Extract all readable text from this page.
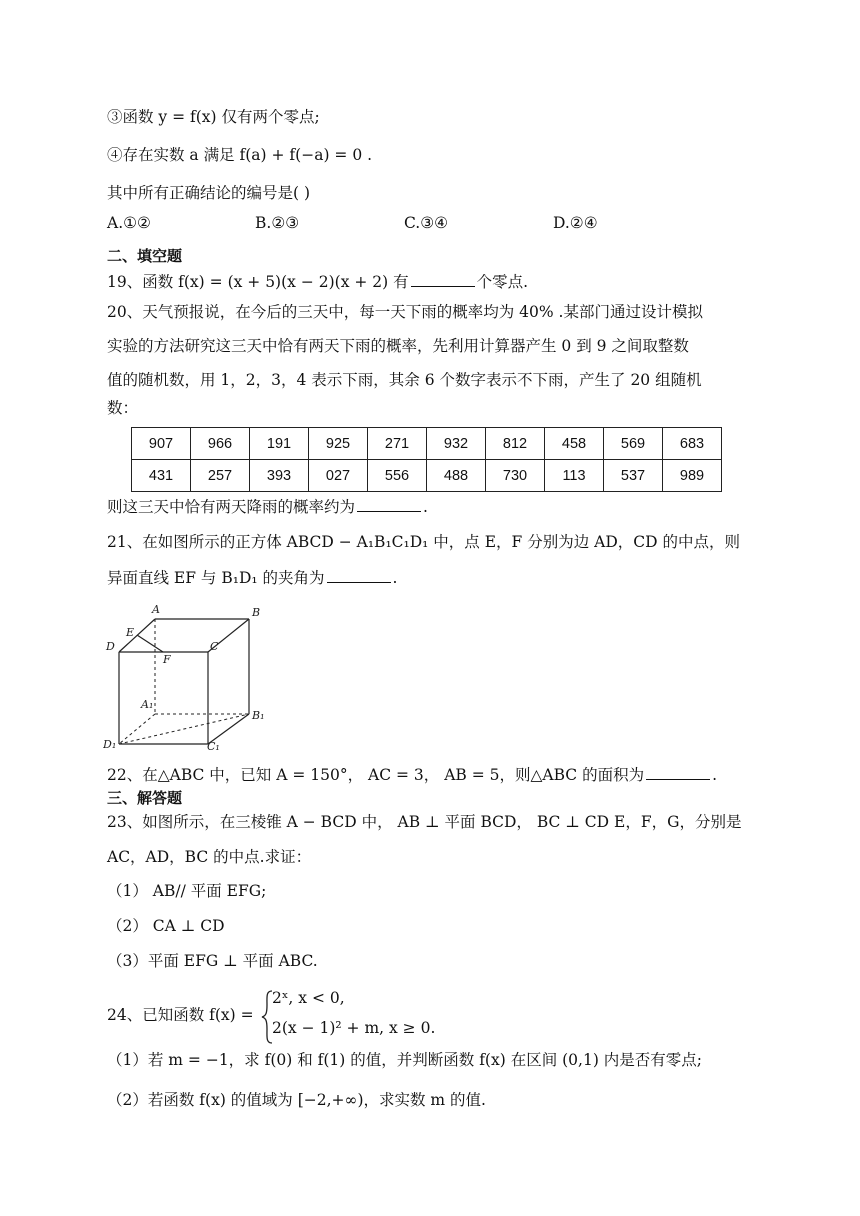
③函数 y = f(x) 仅有两个零点;
④存在实数 a 满足 f(a) + f(−a) = 0 .
其中所有正确结论的编号是( )
A.①②	B.②③	C.③④	D.②④
二、填空题
19、函数 f(x) = (x + 5)(x − 2)(x + 2) 有	个零点.
20、天气预报说，在今后的三天中，每一天下雨的概率均为 40% .某部门通过设计模拟
实验的方法研究这三天中恰有两天下雨的概率，先利用计算器产生 0 到 9 之间取整数
值的随机数，用 1，2，3，4 表示下雨，其余 6 个数字表示不下雨，产生了 20 组随机
数：
907	966	191	925	271	932	812	458	569	683
431	257	393	027	556	488	730	113	537	989
则这三天中恰有两天降雨的概率约为	.
21、在如图所示的正方体 ABCD − A₁B₁C₁D₁ 中，点 E，F 分别为边 AD，CD 的中点，则
异面直线 EF 与 B₁D₁ 的夹角为	.
A	B
C
D
E
F
A₁
B₁
C₁
D₁
22、在△ABC 中，已知 A = 150°， AC = 3， AB = 5，则△ABC 的面积为	.
三、解答题
23、如图所示，在三棱锥 A − BCD 中， AB ⊥ 平面 BCD， BC ⊥ CD E，F，G，分别是
AC，AD，BC 的中点.求证：
（1） AB// 平面 EFG;
（2） CA ⊥ CD
（3）平面 EFG ⊥ 平面 ABC.
24、已知函数 f(x) =
2ˣ, x < 0,
2(x − 1)² + m, x ≥ 0.
（1）若 m = −1，求 f(0) 和 f(1) 的值，并判断函数 f(x) 在区间 (0,1) 内是否有零点;
（2）若函数 f(x) 的值域为 [−2,+∞)，求实数 m 的值.
